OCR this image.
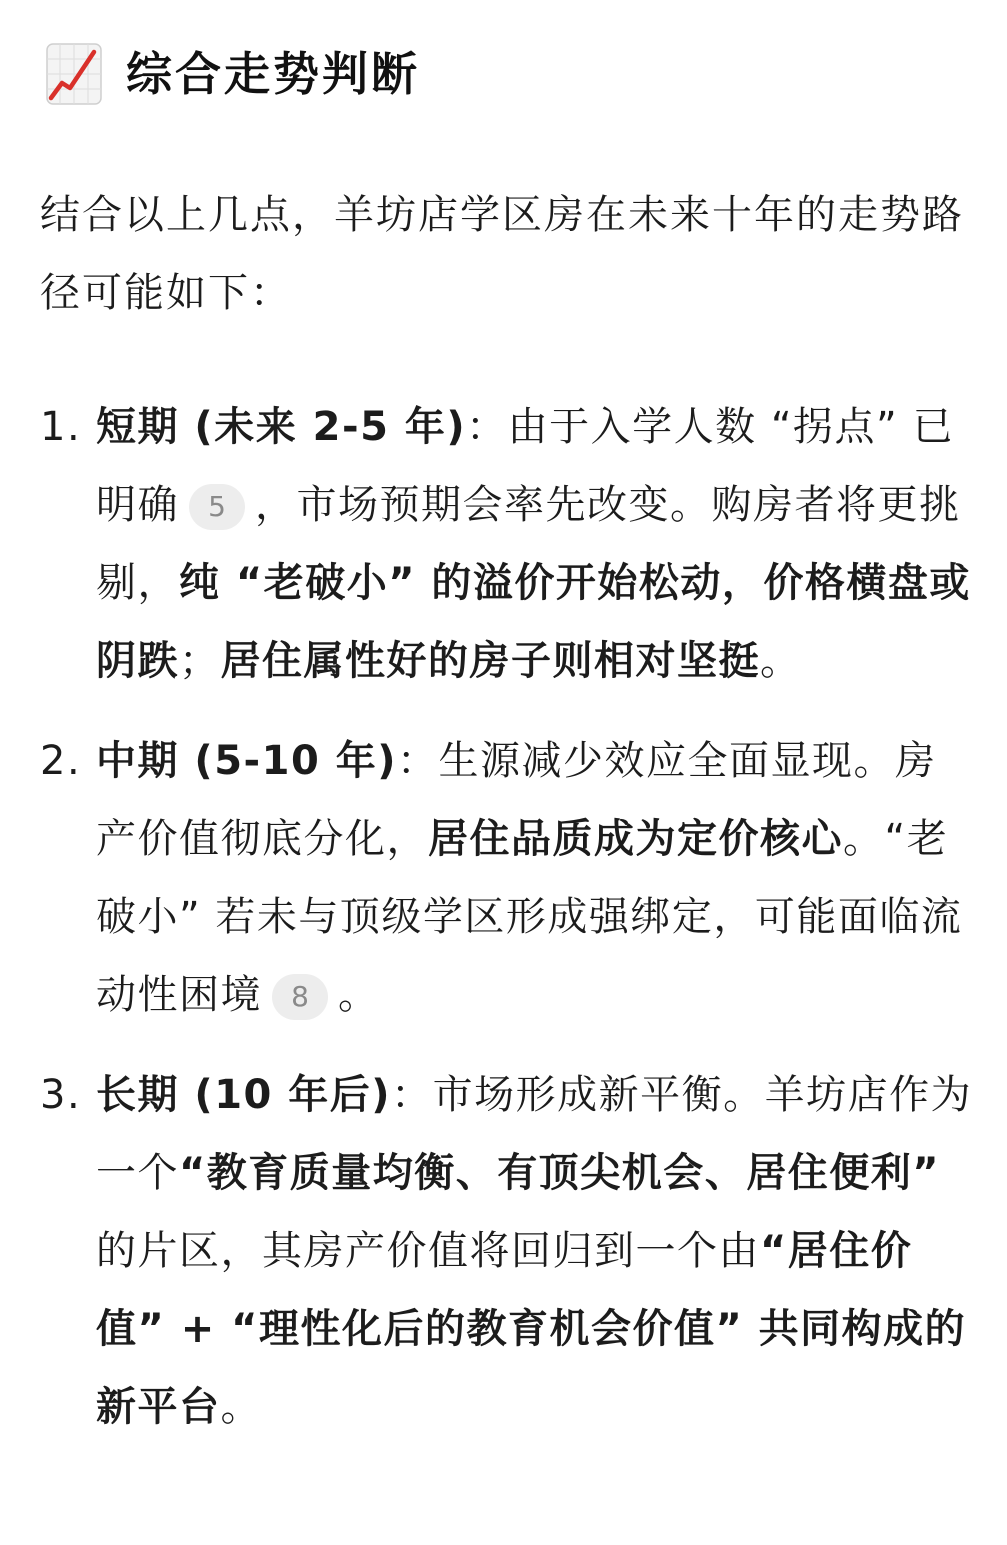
综合走势判断

结合以上几点，羊坊店学区房在未来十年的走势路径可能如下：

1. 短期 (未来 2-5 年)：由于入学人数 “拐点” 已明确 5 ，市场预期会率先改变。购房者将更挑剔，纯 “老破小” 的溢价开始松动，价格横盘或阴跌；居住属性好的房子则相对坚挺。
2. 中期 (5-10 年)：生源减少效应全面显现。房产价值彻底分化，居住品质成为定价核心。“老破小” 若未与顶级学区形成强绑定，可能面临流动性困境 8 。
3. 长期 (10 年后)：市场形成新平衡。羊坊店作为一个“教育质量均衡、有顶尖机会、居住便利” 的片区，其房产价值将回归到一个由“居住价值” + “理性化后的教育机会价值” 共同构成的新平台。
